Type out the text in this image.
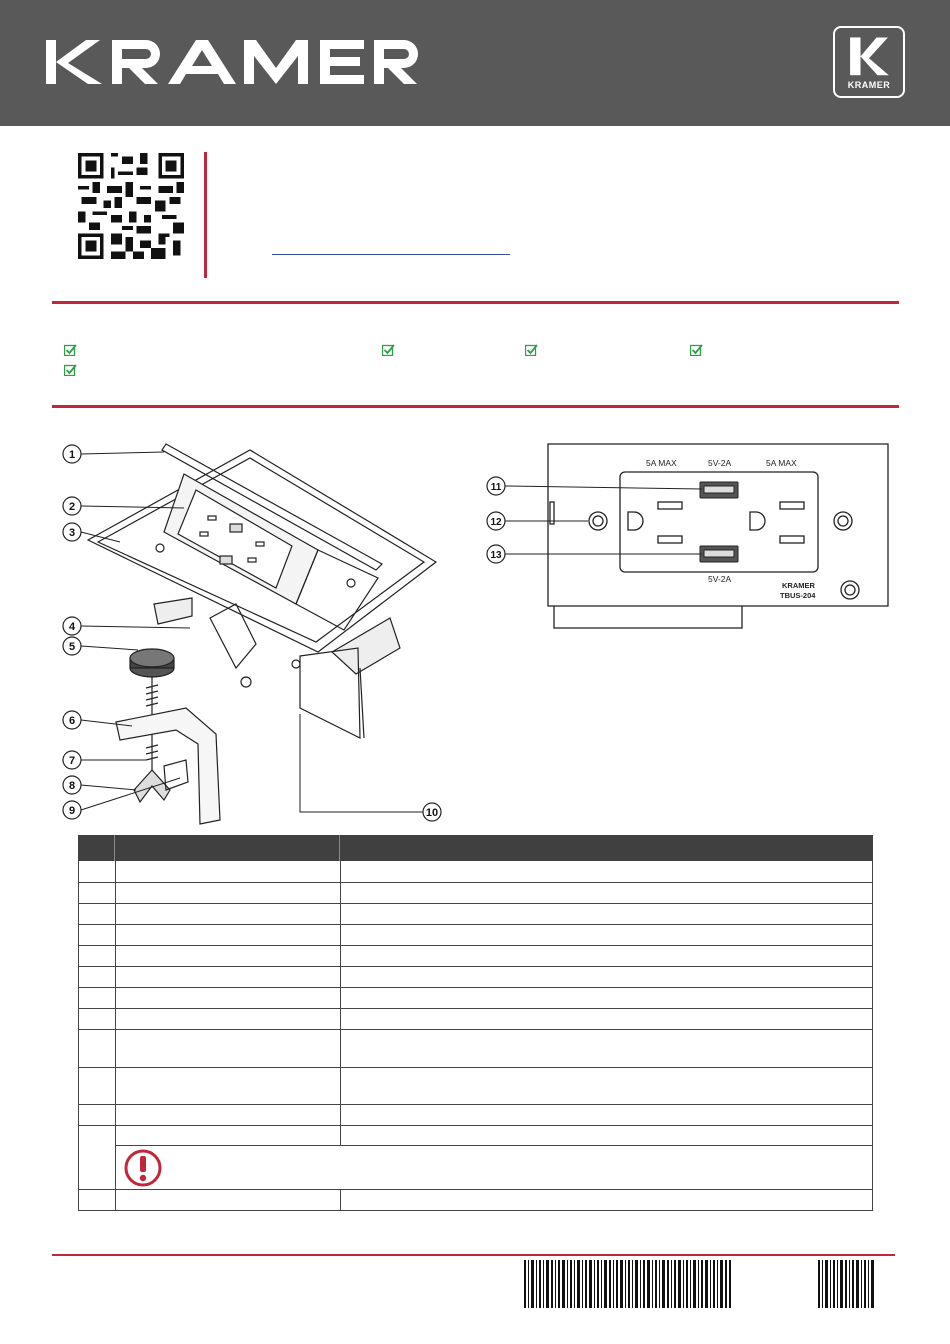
KRAMER
1
2
3
4
5
6
7
8
9	10
5A MAX	5V-2A	5A MAX
5V-2A
KRAMER
TBUS-204
11
12
13
